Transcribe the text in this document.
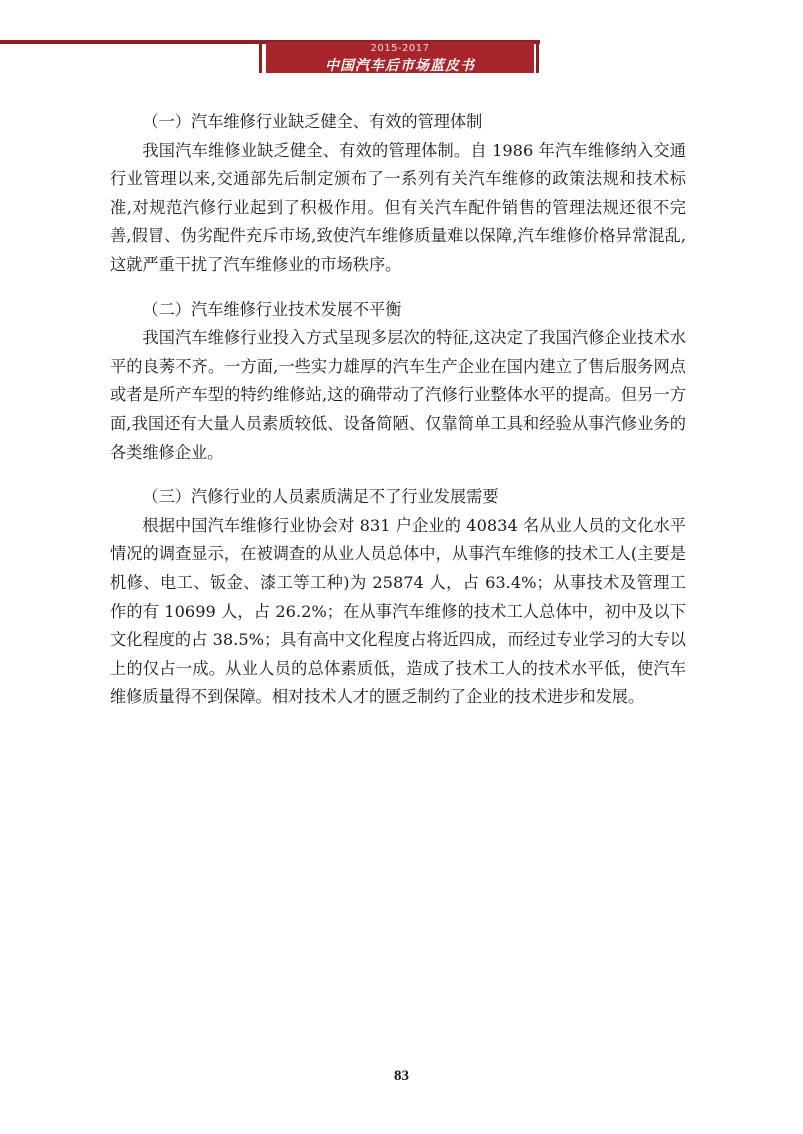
2015-2017
中国汽车后市场蓝皮书

（一）汽车维修行业缺乏健全、有效的管理体制

我国汽车维修业缺乏健全、有效的管理体制。自 1986 年汽车维修纳入交通行业管理以来,交通部先后制定颁布了一系列有关汽车维修的政策法规和技术标准,对规范汽修行业起到了积极作用。但有关汽车配件销售的管理法规还很不完善,假冒、伪劣配件充斥市场,致使汽车维修质量难以保障,汽车维修价格异常混乱,这就严重干扰了汽车维修业的市场秩序。

（二）汽车维修行业技术发展不平衡

我国汽车维修行业投入方式呈现多层次的特征,这决定了我国汽修企业技术水平的良莠不齐。一方面,一些实力雄厚的汽车生产企业在国内建立了售后服务网点或者是所产车型的特约维修站,这的确带动了汽修行业整体水平的提高。但另一方面,我国还有大量人员素质较低、设备简陋、仅靠简单工具和经验从事汽修业务的各类维修企业。

（三）汽修行业的人员素质满足不了行业发展需要

根据中国汽车维修行业协会对 831 户企业的 40834 名从业人员的文化水平情况的调查显示，在被调查的从业人员总体中，从事汽车维修的技术工人(主要是机修、电工、钣金、漆工等工种)为 25874 人，占 63.4%；从事技术及管理工作的有 10699 人，占 26.2%；在从事汽车维修的技术工人总体中，初中及以下文化程度的占 38.5%；具有高中文化程度占将近四成，而经过专业学习的大专以上的仅占一成。从业人员的总体素质低，造成了技术工人的技术水平低，使汽车维修质量得不到保障。相对技术人才的匮乏制约了企业的技术进步和发展。

83
